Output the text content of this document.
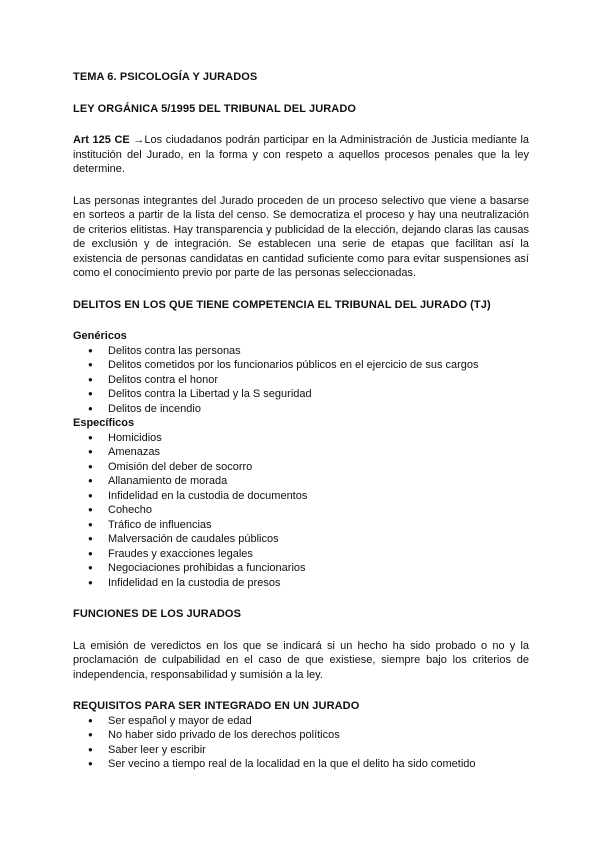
TEMA 6. PSICOLOGÍA Y JURADOS
LEY ORGÁNICA 5/1995 DEL TRIBUNAL DEL JURADO

Art 125 CE →Los ciudadanos podrán participar en la Administración de Justicia mediante la institución del Jurado, en la forma y con respeto a aquellos procesos penales que la ley determine.

Las personas integrantes del Jurado proceden de un proceso selectivo que viene a basarse en sorteos a partir de la lista del censo. Se democratiza el proceso y hay una neutralización de criterios elitistas. Hay transparencia y publicidad de la elección, dejando claras las causas de exclusión y de integración. Se establecen una serie de etapas que facilitan así la existencia de personas candidatas en cantidad suficiente como para evitar suspensiones así como el conocimiento previo por parte de las personas seleccionadas.

DELITOS EN LOS QUE TIENE COMPETENCIA EL TRIBUNAL DEL JURADO (TJ)
Genéricos
● Delitos contra las personas
● Delitos cometidos por los funcionarios públicos en el ejercicio de sus cargos
● Delitos contra el honor
● Delitos contra la Libertad y la S seguridad
● Delitos de incendio
Específicos
● Homicidios
● Amenazas
● Omisión del deber de socorro
● Allanamiento de morada
● Infidelidad en la custodia de documentos
● Cohecho
● Tráfico de influencias
● Malversación de caudales públicos
● Fraudes y exacciones legales
● Negociaciones prohibidas a funcionarios
● Infidelidad en la custodia de presos
FUNCIONES DE LOS JURADOS

La emisión de veredictos en los que se indicará si un hecho ha sido probado o no y la proclamación de culpabilidad en el caso de que existiese, siempre bajo los criterios de independencia, responsabilidad y sumisión a la ley.

REQUISITOS PARA SER INTEGRADO EN UN JURADO
● Ser español y mayor de edad
● No haber sido privado de los derechos políticos
● Saber leer y escribir
● Ser vecino a tiempo real de la localidad en la que el delito ha sido cometido
